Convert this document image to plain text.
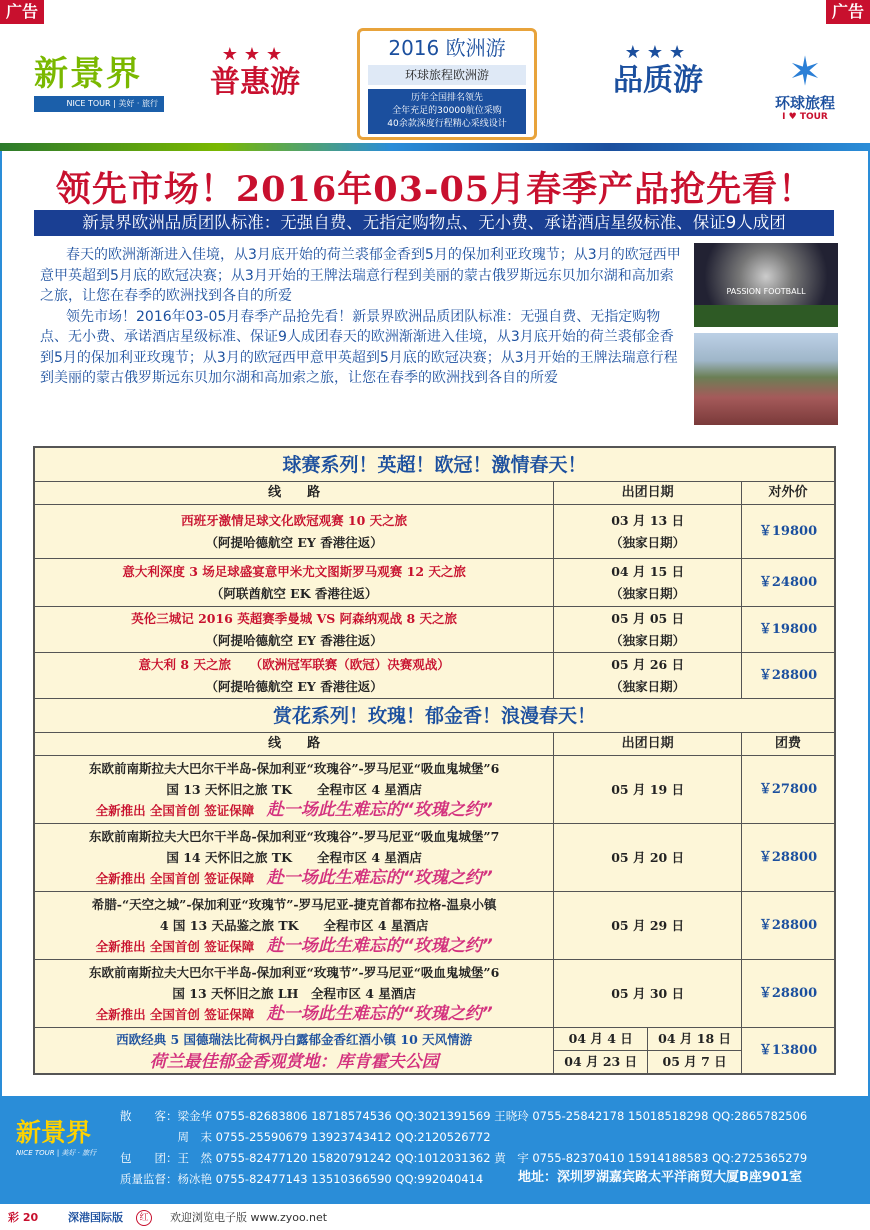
广告	广告
新景界
NICE TOUR | 美好 · 旅行
★★★
普惠游
2016 欧洲游
环球旅程欧洲游
历年全国排名领先
全年充足的30000航位采购
40余款深度行程精心采线设计
★★★
品质游	✶
环球旅程
I ♥ TOUR
领先市场！2016年03-05月春季产品抢先看！
新景界欧洲品质团队标准：无强自费、无指定购物点、无小费、承诺酒店星级标准、保证9人成团

春天的欧洲渐渐进入佳境，从3月底开始的荷兰裘郁金香到5月的保加利亚玫瑰节；从3月的欧冠西甲意甲英超到5月底的欧冠决赛；从3月开始的王牌法瑞意行程到美丽的蒙古俄罗斯远东贝加尔湖和高加索之旅，让您在春季的欧洲找到各自的所爱

领先市场！2016年03-05月春季产品抢先看！新景界欧洲品质团队标准：无强自费、无指定购物点、无小费、承诺酒店星级标准、保证9人成团春天的欧洲渐渐进入佳境，从3月底开始的荷兰裘郁金香到5月的保加利亚玫瑰节；从3月的欧冠西甲意甲英超到5月底的欧冠决赛；从3月开始的王牌法瑞意行程到美丽的蒙古俄罗斯远东贝加尔湖和高加索之旅，让您在春季的欧洲找到各自的所爱

PASSION FOOTBALL
球赛系列！英超！欧冠！激情春天！
线　　路	出团日期	对外价

西班牙激情足球文化欧冠观赛 10 天之旅
（阿提哈德航空 EY 香港往返）

03 月 13 日
（独家日期）
	￥19800

意大利深度 3 场足球盛宴意甲米尤文图斯罗马观赛 12 天之旅
（阿联酋航空 EK 香港往返）

04 月 15 日
（独家日期）
	￥24800

英伦三城记 2016 英超赛季曼城 VS 阿森纳观战 8 天之旅
（阿提哈德航空 EY 香港往返）

05 月 05 日
（独家日期）
	￥19800

意大利 8 天之旅　　（欧洲冠军联赛（欧冠）决赛观战）
（阿提哈德航空 EY 香港往返）

05 月 26 日
（独家日期）
	￥28800
赏花系列！玫瑰！郁金香！浪漫春天！
线　　路	出团日期	团费

东欧前南斯拉夫大巴尔干半岛-保加利亚“玫瑰谷”-罗马尼亚“吸血鬼城堡”6
国 13 天怀旧之旅 TK　　全程市区 4 星酒店
全新推出 全国首创 签证保障　 赴一场此生难忘的“玫瑰之约”
	05 月 19 日	￥27800

东欧前南斯拉夫大巴尔干半岛-保加利亚“玫瑰谷”-罗马尼亚“吸血鬼城堡”7
国 14 天怀旧之旅 TK　　全程市区 4 星酒店
全新推出 全国首创 签证保障　 赴一场此生难忘的“玫瑰之约”
	05 月 20 日	￥28800

希腊-“天空之城”-保加利亚“玫瑰节”-罗马尼亚-捷克首都布拉格-温泉小镇
4 国 13 天品鉴之旅 TK　　全程市区 4 星酒店
全新推出 全国首创 签证保障　 赴一场此生难忘的“玫瑰之约”
	05 月 29 日	￥28800

东欧前南斯拉夫大巴尔干半岛-保加利亚“玫瑰节”-罗马尼亚“吸血鬼城堡”6
国 13 天怀旧之旅 LH　全程市区 4 星酒店
全新推出 全国首创 签证保障　 赴一场此生难忘的“玫瑰之约”
	05 月 30 日	￥28800

西欧经典 5 国德瑞法比荷枫丹白露郁金香红酒小镇 10 天风情游
荷兰最佳郁金香观赏地：库肯霍夫公园

04 月 4 日	04 月 18 日
04 月 23 日	05 月 7 日
	￥13800
新景界
NICE TOUR | 美好 · 旅行
散　　客：梁金华 0755-82683806 18718574536 QQ:3021391569 王晓玲 0755-25842178 15018518298 QQ:2865782506
　　　　　周　末 0755-25590679 13923743412 QQ:2120526772
包　　团：王　然 0755-82477120 15820791242 QQ:1012031362 黄　宇 0755-82370410 15914188583 QQ:2725365279
质量监督：杨冰艳 0755-82477143 13510366590 QQ:992040414	地址：深圳罗湖嘉宾路太平洋商贸大厦B座901室
彩 20	深港国际版	红	欢迎浏览电子版 www.zyoo.net
